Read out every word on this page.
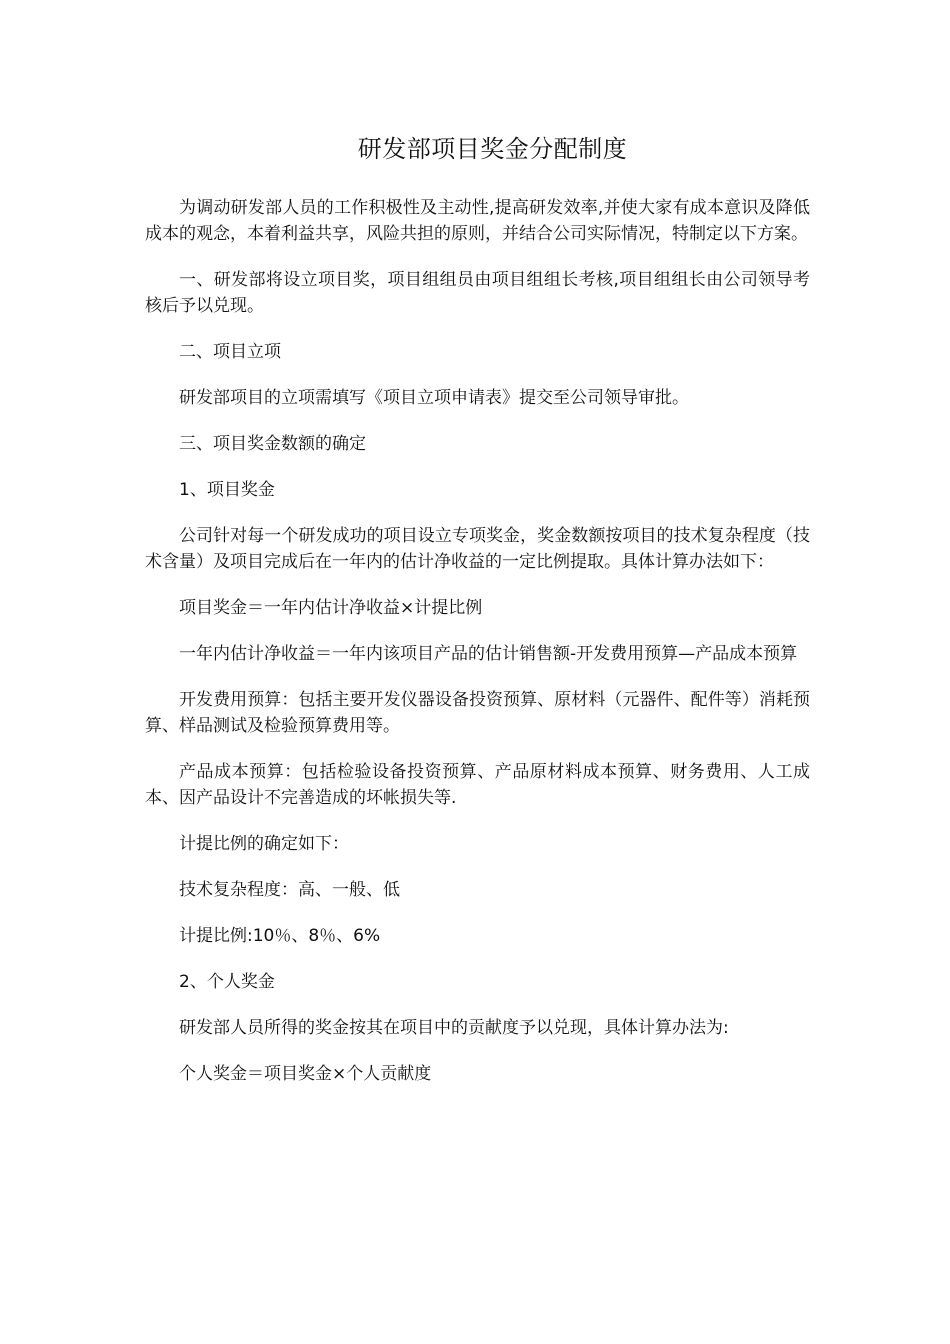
研发部项目奖金分配制度

为调动研发部人员的工作积极性及主动性,提高研发效率,并使大家有成本意识及降低成本的观念，本着利益共享，风险共担的原则，并结合公司实际情况，特制定以下方案。

一、研发部将设立项目奖，项目组组员由项目组组长考核,项目组组长由公司领导考核后予以兑现。

二、项目立项

研发部项目的立项需填写《项目立项申请表》提交至公司领导审批。

三、项目奖金数额的确定

1、项目奖金

公司针对每一个研发成功的项目设立专项奖金，奖金数额按项目的技术复杂程度（技术含量）及项目完成后在一年内的估计净收益的一定比例提取。具体计算办法如下：

项目奖金＝一年内估计净收益×计提比例

一年内估计净收益＝一年内该项目产品的估计销售额-开发费用预算—产品成本预算

开发费用预算：包括主要开发仪器设备投资预算、原材料（元器件、配件等）消耗预算、样品测试及检验预算费用等。

产品成本预算：包括检验设备投资预算、产品原材料成本预算、财务费用、人工成本、因产品设计不完善造成的坏帐损失等.

计提比例的确定如下：

技术复杂程度：高、一般、低

计提比例:10％、8％、6%

2、个人奖金

研发部人员所得的奖金按其在项目中的贡献度予以兑现，具体计算办法为:

个人奖金＝项目奖金×个人贡献度
